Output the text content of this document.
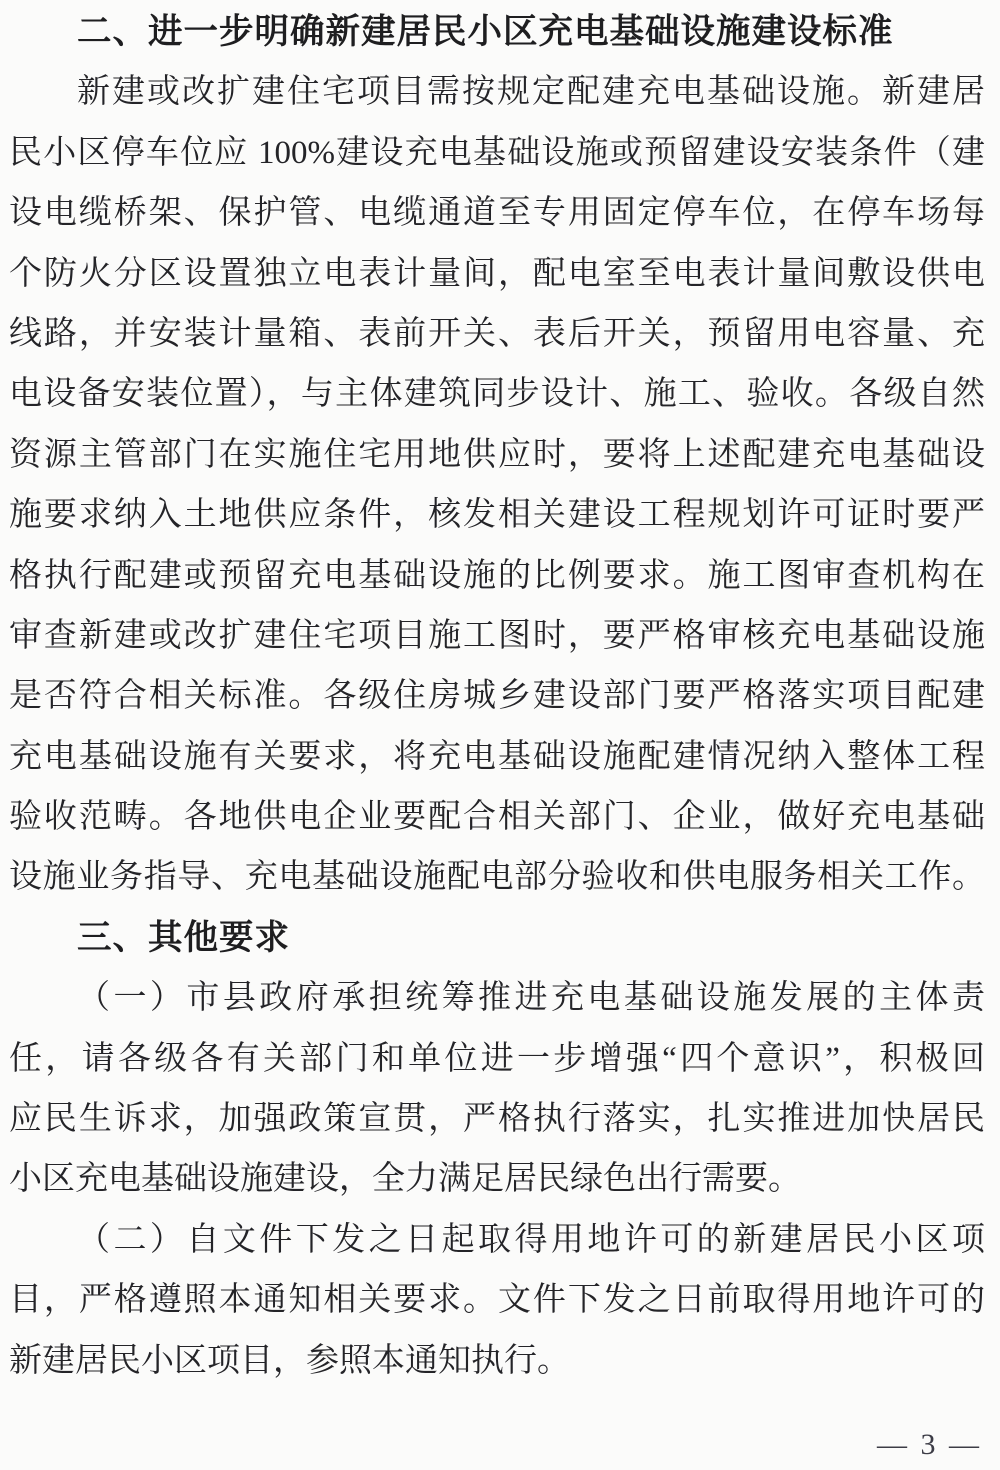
二、进一步明确新建居民小区充电基础设施建设标准
新建或改扩建住宅项目需按规定配建充电基础设施。新建居
民小区停车位应 100%建设充电基础设施或预留建设安装条件（建
设电缆桥架、保护管、电缆通道至专用固定停车位，在停车场每
个防火分区设置独立电表计量间，配电室至电表计量间敷设供电
线路，并安装计量箱、表前开关、表后开关，预留用电容量、充
电设备安装位置），与主体建筑同步设计、施工、验收。各级自然
资源主管部门在实施住宅用地供应时，要将上述配建充电基础设
施要求纳入土地供应条件，核发相关建设工程规划许可证时要严
格执行配建或预留充电基础设施的比例要求。施工图审查机构在
审查新建或改扩建住宅项目施工图时，要严格审核充电基础设施
是否符合相关标准。各级住房城乡建设部门要严格落实项目配建
充电基础设施有关要求，将充电基础设施配建情况纳入整体工程
验收范畴。各地供电企业要配合相关部门、企业，做好充电基础
设施业务指导、充电基础设施配电部分验收和供电服务相关工作。
三、其他要求
（一）市县政府承担统筹推进充电基础设施发展的主体责
任，请各级各有关部门和单位进一步增强“四个意识”，积极回
应民生诉求，加强政策宣贯，严格执行落实，扎实推进加快居民
小区充电基础设施建设，全力满足居民绿色出行需要。
（二）自文件下发之日起取得用地许可的新建居民小区项
目，严格遵照本通知相关要求。文件下发之日前取得用地许可的
新建居民小区项目，参照本通知执行。
— 3 —
